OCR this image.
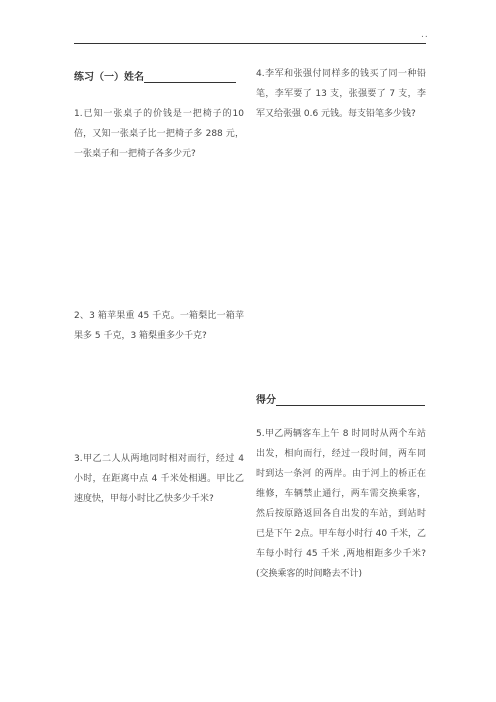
..
练习（一）姓名

1.已知一张桌子的价钱是一把椅子的10倍，又知一张桌子比一把椅子多 288 元，一张桌子和一把椅子各多少元?

2、3 箱苹果重 45 千克。一箱梨比一箱苹果多 5 千克，3 箱梨重多少千克?

3.甲乙二人从两地同时相对而行，经过 4 小时，在距离中点 4 千米处相遇。甲比乙速度快，甲每小时比乙快多少千米?

4.李军和张强付同样多的钱买了同一种铅笔，李军要了 13 支，张强要了 7 支，李军又给张强 0.6 元钱。每支铅笔多少钱?

得分

5.甲乙两辆客车上午 8 时同时从两个车站出发，相向而行，经过一段时间，两车同时到达一条河 的两岸。由于河上的桥正在维修，车辆禁止通行，两车需交换乘客，然后按原路返回各自出发的车站，到站时已是下午 2点。甲车每小时行 40 千米，乙车每小时行 45 千米 ,两地相距多少千米?(交换乘客的时间略去不计)
